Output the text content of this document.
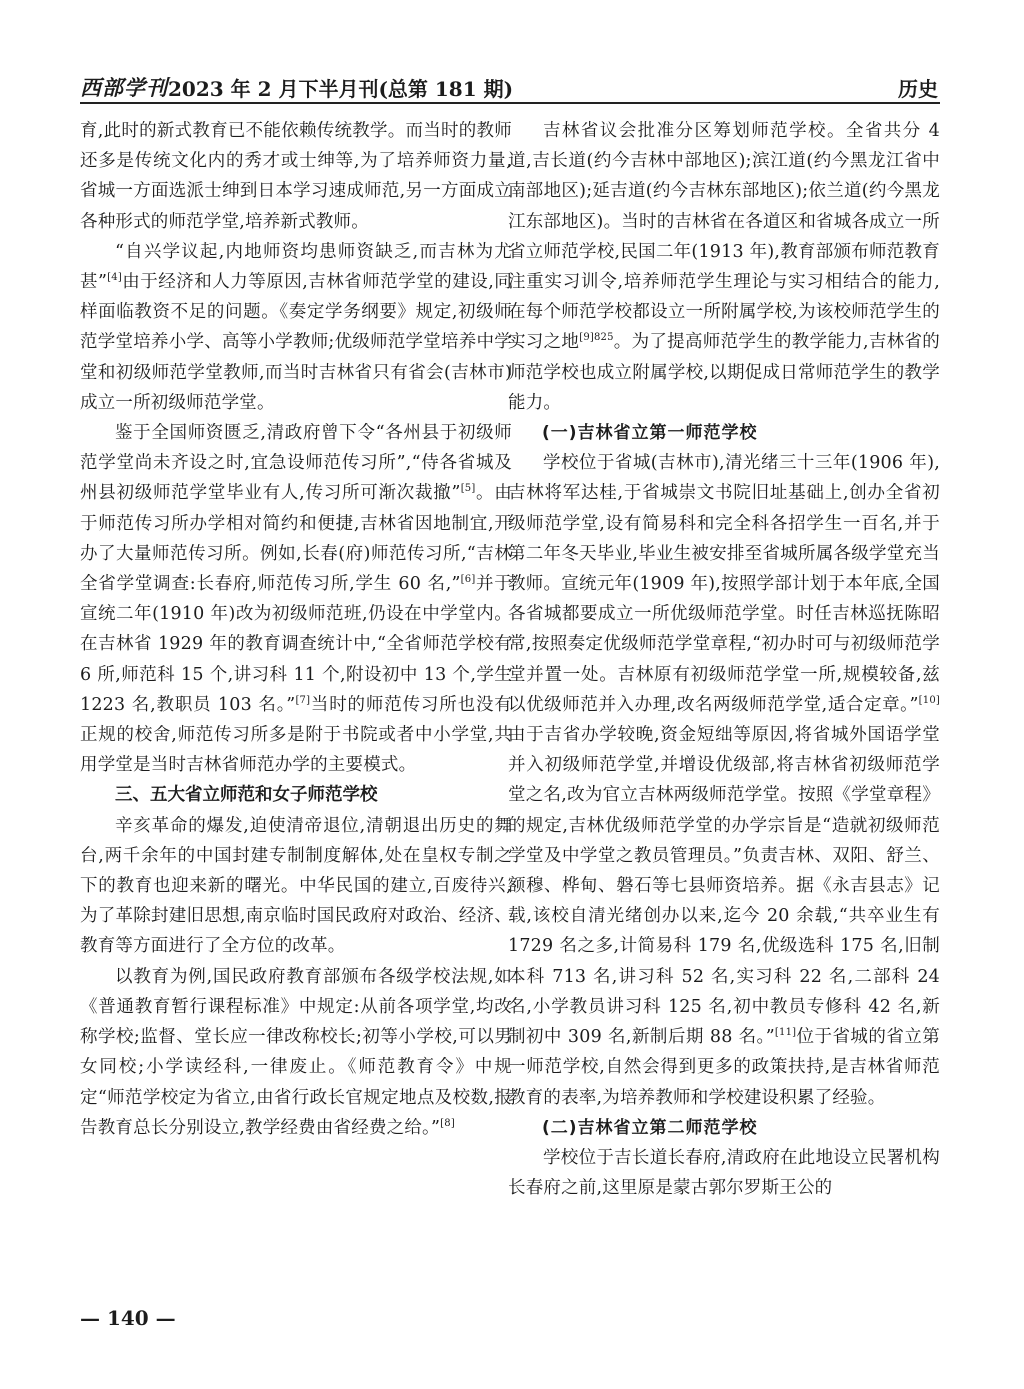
西部学刊 2023 年 2 月下半月刊(总第 181 期)	历史

育,此时的新式教育已不能依赖传统教学。而当时的教师还多是传统文化内的秀才或士绅等,为了培养师资力量,省城一方面选派士绅到日本学习速成师范,另一方面成立各种形式的师范学堂,培养新式教师。

“自兴学议起,内地师资均患师资缺乏,而吉林为尤甚”[4]由于经济和人力等原因,吉林省师范学堂的建设,同样面临教资不足的问题。《奏定学务纲要》规定,初级师范学堂培养小学、高等小学教师;优级师范学堂培养中学堂和初级师范学堂教师,而当时吉林省只有省会(吉林市)成立一所初级师范学堂。

鉴于全国师资匮乏,清政府曾下令“各州县于初级师范学堂尚未齐设之时,宜急设师范传习所”,“侍各省城及州县初级师范学堂毕业有人,传习所可渐次裁撤”[5]。由于师范传习所办学相对简约和便捷,吉林省因地制宜,开办了大量师范传习所。例如,长春(府)师范传习所,“吉林全省学堂调查:长春府,师范传习所,学生 60 名,”[6]并于宣统二年(1910 年)改为初级师范班,仍设在中学堂内。在吉林省 1929 年的教育调查统计中,“全省师范学校有 6 所,师范科 15 个,讲习科 11 个,附设初中 13 个,学生 1223 名,教职员 103 名。”[7]当时的师范传习所也没有正规的校舍,师范传习所多是附于书院或者中小学堂,共用学堂是当时吉林省师范办学的主要模式。

三、五大省立师范和女子师范学校

辛亥革命的爆发,迫使清帝退位,清朝退出历史的舞台,两千余年的中国封建专制制度解体,处在皇权专制之下的教育也迎来新的曙光。中华民国的建立,百废待兴,为了革除封建旧思想,南京临时国民政府对政治、经济、教育等方面进行了全方位的改革。

以教育为例,国民政府教育部颁布各级学校法规,如《普通教育暂行课程标准》中规定:从前各项学堂,均改称学校;监督、堂长应一律改称校长;初等小学校,可以男女同校;小学读经科,一律废止。《师范教育令》中规定“师范学校定为省立,由省行政长官规定地点及校数,报告教育总长分别设立,教学经费由省经费之给。”[8]

吉林省议会批准分区筹划师范学校。全省共分 4 道,吉长道(约今吉林中部地区);滨江道(约今黑龙江省中南部地区);延吉道(约今吉林东部地区);依兰道(约今黑龙江东部地区)。当时的吉林省在各道区和省城各成立一所省立师范学校,民国二年(1913 年),教育部颁布师范教育注重实习训令,培养师范学生理论与实习相结合的能力,在每个师范学校都设立一所附属学校,为该校师范学生的实习之地$^{[9]825}$。为了提高师范学生的教学能力,吉林省的师范学校也成立附属学校,以期促成日常师范学生的教学能力。

(一)吉林省立第一师范学校

学校位于省城(吉林市),清光绪三十三年(1906 年),吉林将军达桂,于省城崇文书院旧址基础上,创办全省初级师范学堂,设有简易科和完全科各招学生一百名,并于第二年冬天毕业,毕业生被安排至省城所属各级学堂充当教师。宣统元年(1909 年),按照学部计划于本年底,全国各省城都要成立一所优级师范学堂。时任吉林巡抚陈昭常,按照奏定优级师范学堂章程,“初办时可与初级师范学堂并置一处。吉林原有初级师范学堂一所,规模较备,兹以优级师范并入办理,改名两级师范学堂,适合定章。”[10]由于吉省办学较晚,资金短绌等原因,将省城外国语学堂并入初级师范学堂,并增设优级部,将吉林省初级师范学堂之名,改为官立吉林两级师范学堂。按照《学堂章程》的规定,吉林优级师范学堂的办学宗旨是“造就初级师范学堂及中学堂之教员管理员。”负责吉林、双阳、舒兰、额穆、桦甸、磐石等七县师资培养。据《永吉县志》记载,该校自清光绪创办以来,迄今 20 余载,“共卒业生有 1729 名之多,计简易科 179 名,优级选科 175 名,旧制本科 713 名,讲习科 52 名,实习科 22 名,二部科 24 名,小学教员讲习科 125 名,初中教员专修科 42 名,新制初中 309 名,新制后期 88 名。”[11]位于省城的省立第一师范学校,自然会得到更多的政策扶持,是吉林省师范教育的表率,为培养教师和学校建设积累了经验。

(二)吉林省立第二师范学校

学校位于吉长道长春府,清政府在此地设立民署机构长春府之前,这里原是蒙古郭尔罗斯王公的

— 140 —
